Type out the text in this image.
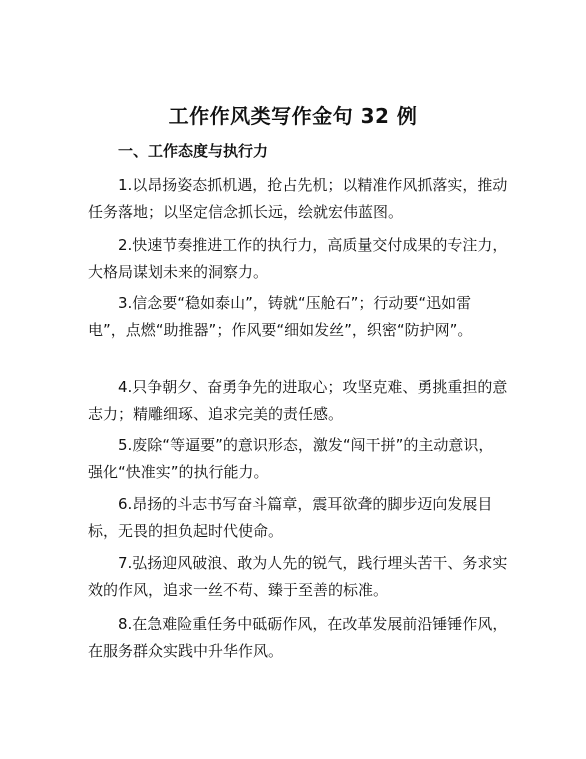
工作作风类写作金句 32 例
一、工作态度与执行力
1.以昂扬姿态抓机遇，抢占先机；以精准作风抓落实，推动任务落地；以坚定信念抓长远，绘就宏伟蓝图。
2.快速节奏推进工作的执行力，高质量交付成果的专注力，大格局谋划未来的洞察力。
3.信念要“稳如泰山”，铸就“压舱石”；行动要“迅如雷电”，点燃“助推器”；作风要“细如发丝”，织密“防护网”。
4.只争朝夕、奋勇争先的进取心；攻坚克难、勇挑重担的意志力；精雕细琢、追求完美的责任感。
5.废除“等逼要”的意识形态，激发“闯干拼”的主动意识，强化“快准实”的执行能力。
6.昂扬的斗志书写奋斗篇章，震耳欲聋的脚步迈向发展目标，无畏的担负起时代使命。
7.弘扬迎风破浪、敢为人先的锐气，践行埋头苦干、务求实效的作风，追求一丝不苟、臻于至善的标准。
8.在急难险重任务中砥砺作风，在改革发展前沿锤锤作风，在服务群众实践中升华作风。
